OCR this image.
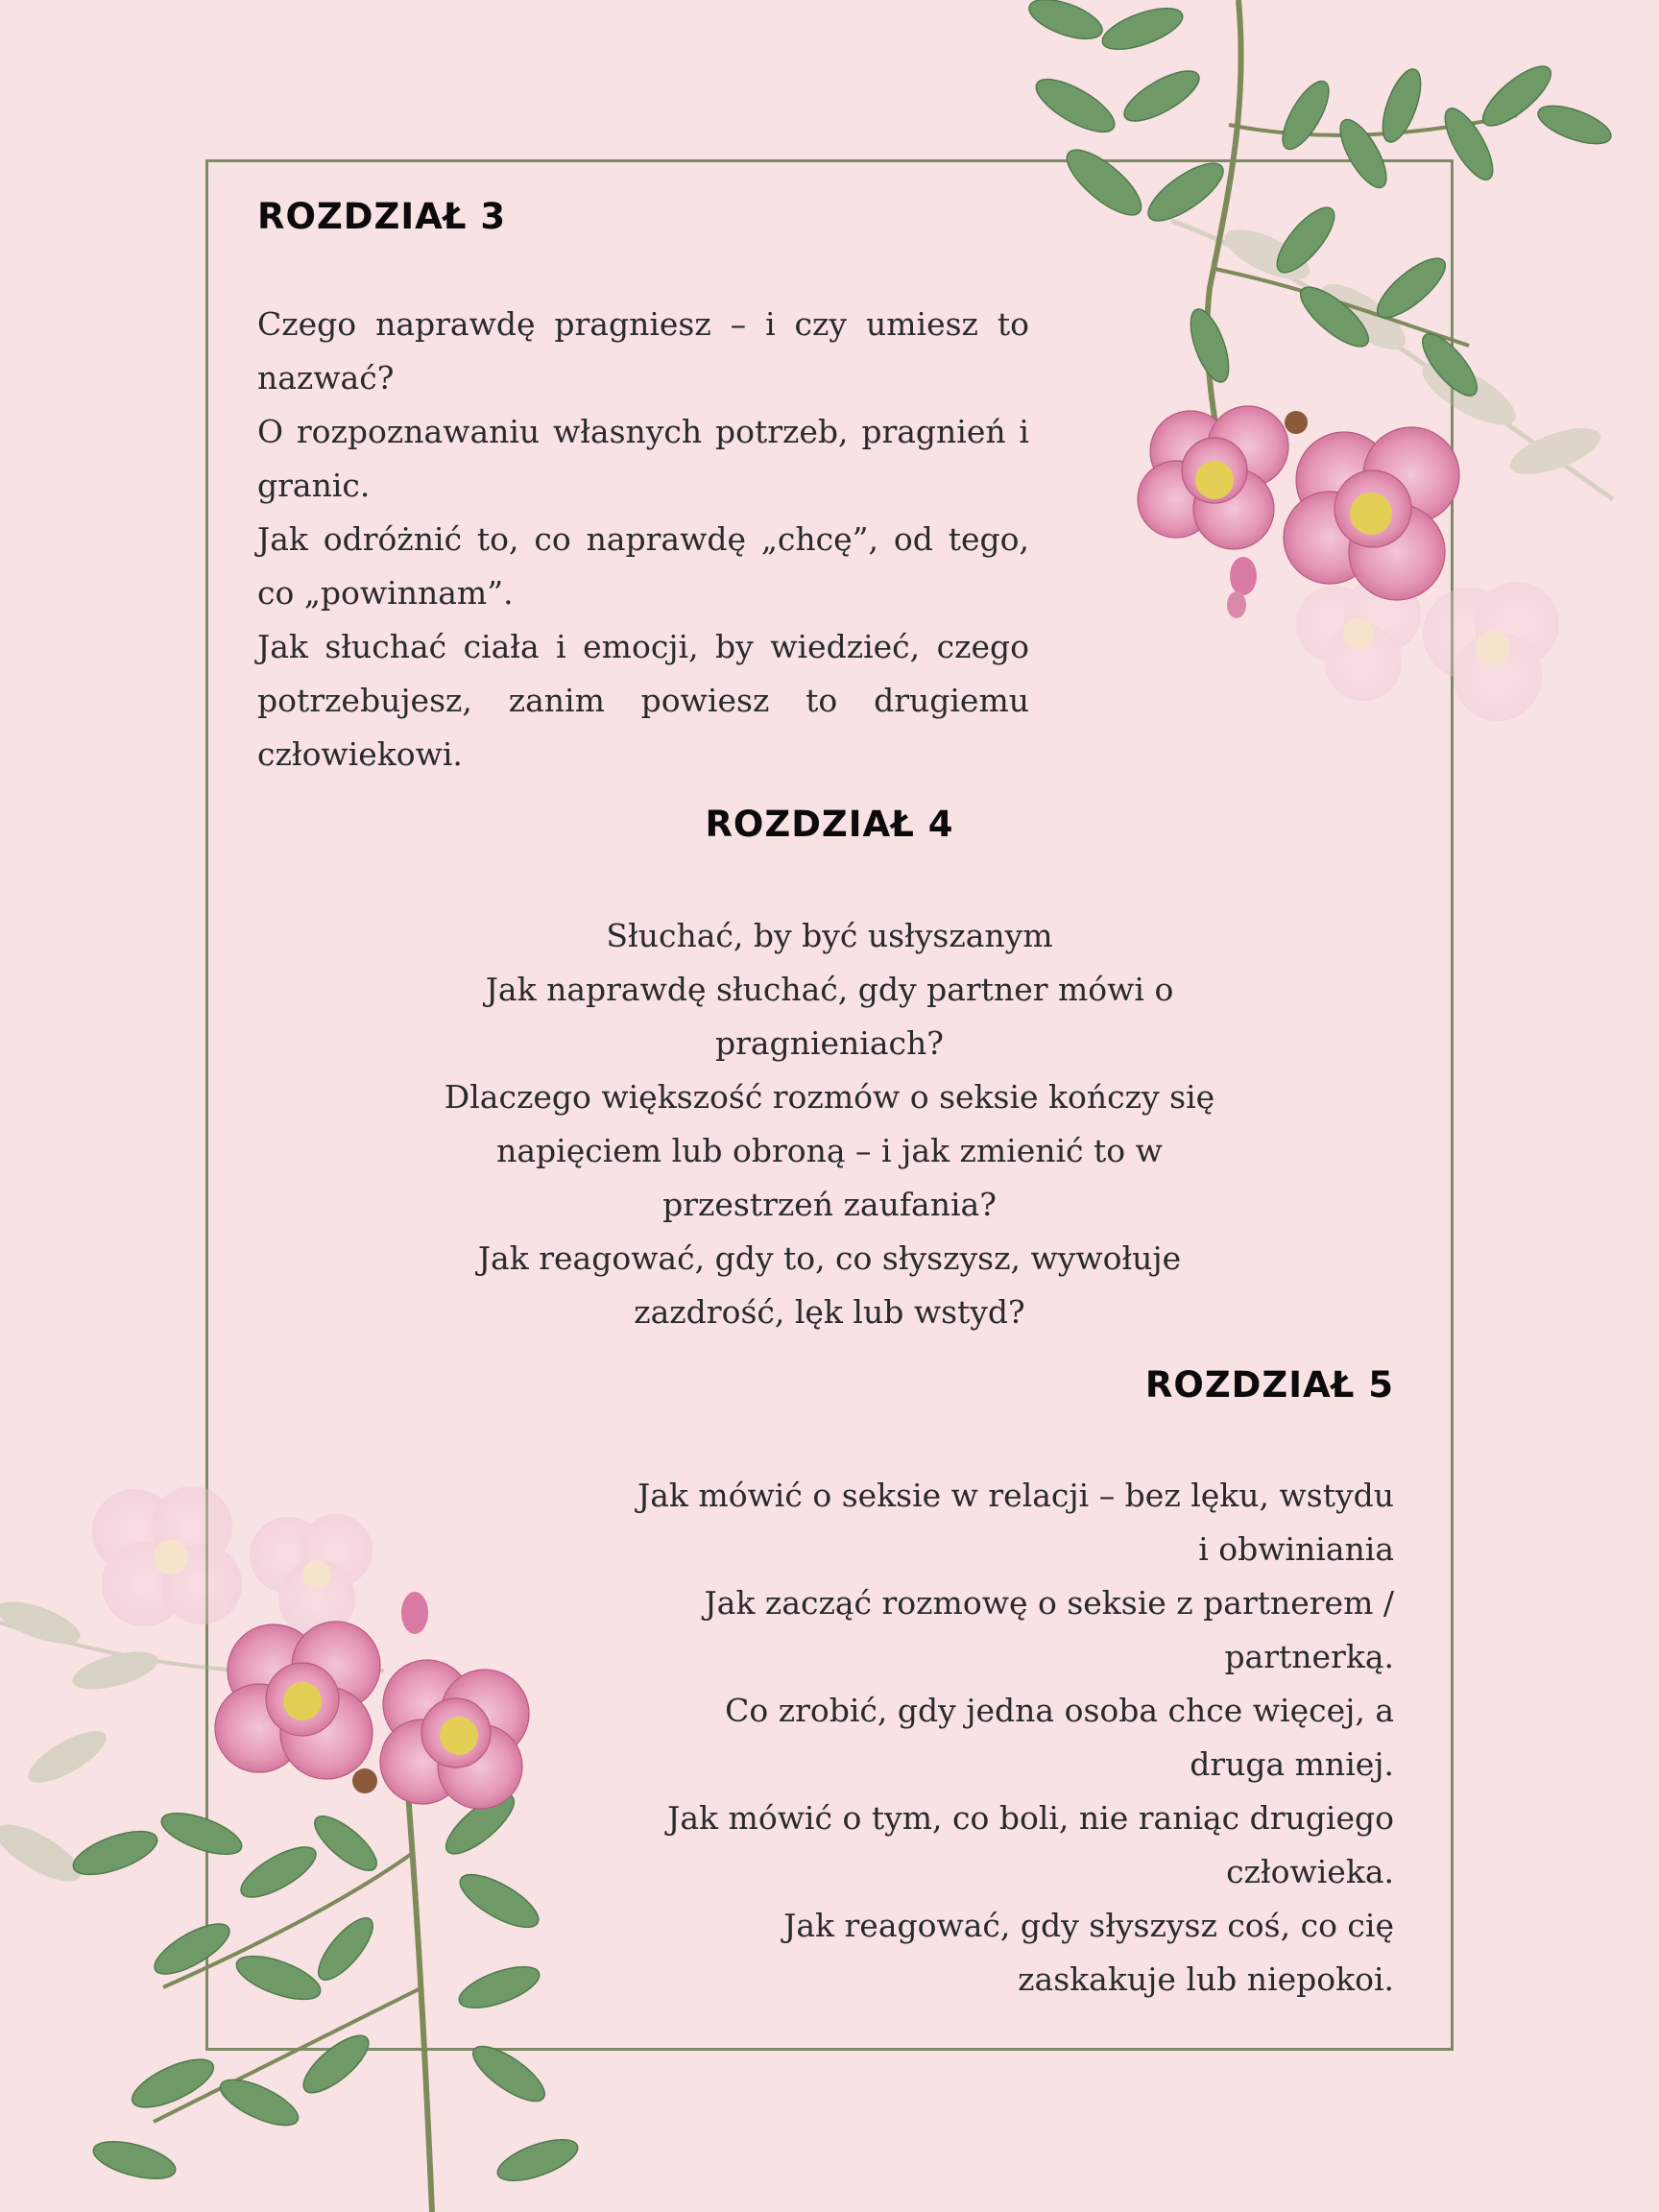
ROZDZIAŁ 3

Czego naprawdę pragniesz – i czy umiesz to nazwać?
O rozpoznawaniu własnych potrzeb, pragnień i granic.
Jak odróżnić to, co naprawdę „chcę”, od tego, co „powinnam”.
Jak słuchać ciała i emocji, by wiedzieć, czego potrzebujesz, zanim powiesz to drugiemu człowiekowi.

ROZDZIAŁ 4

Słuchać, by być usłyszanym
Jak naprawdę słuchać, gdy partner mówi o pragnieniach?
Dlaczego większość rozmów o seksie kończy się napięciem lub obroną – i jak zmienić to w przestrzeń zaufania?
Jak reagować, gdy to, co słyszysz, wywołuje zazdrość, lęk lub wstyd?

ROZDZIAŁ 5

Jak mówić o seksie w relacji – bez lęku, wstydu i obwiniania
Jak zacząć rozmowę o seksie z partnerem / partnerką.
Co zrobić, gdy jedna osoba chce więcej, a druga mniej.
Jak mówić o tym, co boli, nie raniąc drugiego człowieka.
Jak reagować, gdy słyszysz coś, co cię zaskakuje lub niepokoi.
